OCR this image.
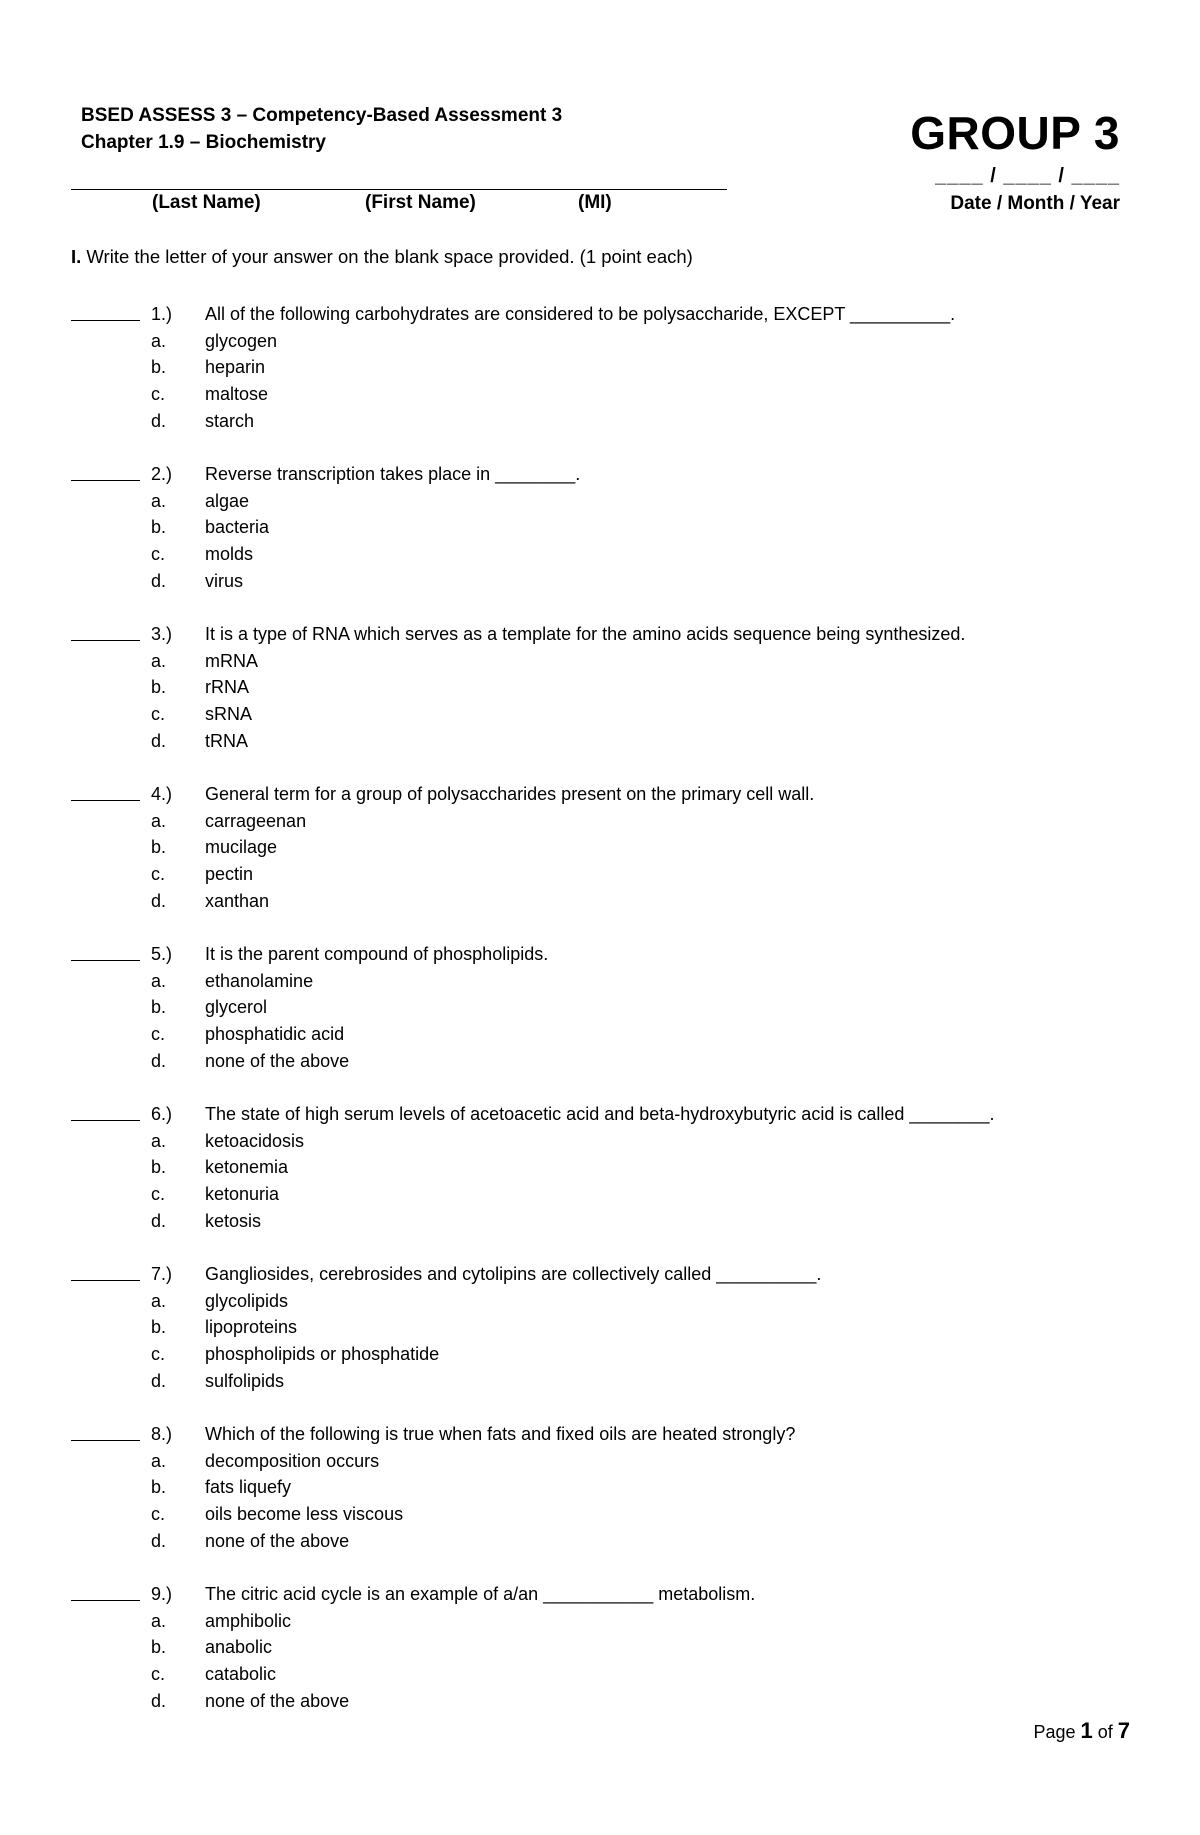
BSED ASSESS 3 – Competency-Based Assessment 3
Chapter 1.9 – Biochemistry	GROUP 3
(Last Name)	(First Name)	(MI)
____ / ____ / ____
Date / Month / Year
I. Write the letter of your answer on the blank space provided. (1 point each)
1.) All of the following carbohydrates are considered to be polysaccharide, EXCEPT __________.
a. glycogen
b. heparin
c. maltose
d. starch
2.) Reverse transcription takes place in ________.
a. algae
b. bacteria
c. molds
d. virus
3.) It is a type of RNA which serves as a template for the amino acids sequence being synthesized.
a. mRNA
b. rRNA
c. sRNA
d. tRNA
4.) General term for a group of polysaccharides present on the primary cell wall.
a. carrageenan
b. mucilage
c. pectin
d. xanthan
5.) It is the parent compound of phospholipids.
a. ethanolamine
b. glycerol
c. phosphatidic acid
d. none of the above
6.) The state of high serum levels of acetoacetic acid and beta-hydroxybutyric acid is called ________.
a. ketoacidosis
b. ketonemia
c. ketonuria
d. ketosis
7.) Gangliosides, cerebrosides and cytolipins are collectively called __________.
a. glycolipids
b. lipoproteins
c. phospholipids or phosphatide
d. sulfolipids
8.) Which of the following is true when fats and fixed oils are heated strongly?
a. decomposition occurs
b. fats liquefy
c. oils become less viscous
d. none of the above
9.) The citric acid cycle is an example of a/an ___________ metabolism.
a. amphibolic
b. anabolic
c. catabolic
d. none of the above
Page 1 of 7
